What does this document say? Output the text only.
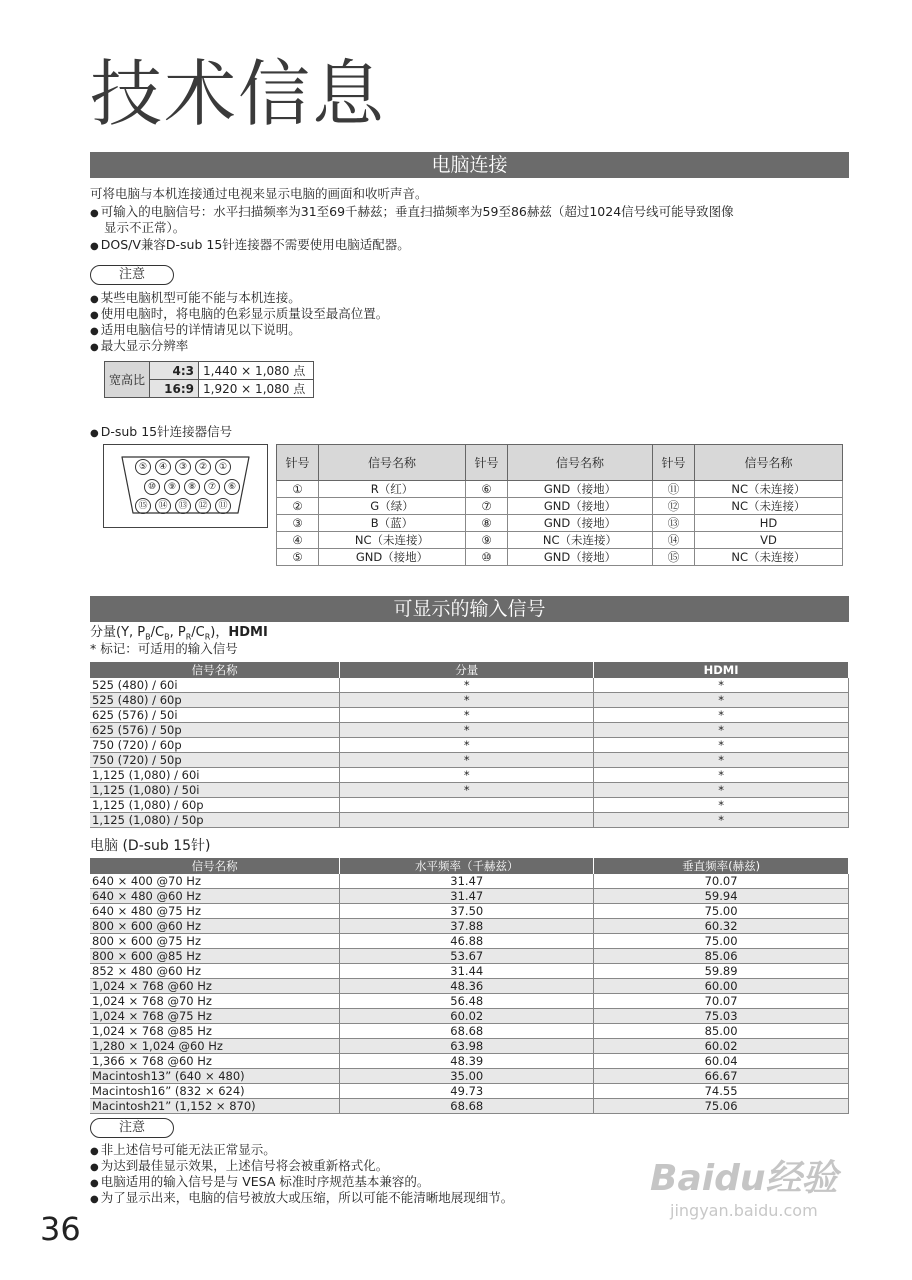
技术信息
电脑连接
可将电脑与本机连接通过电视来显示电脑的画面和收听声音。
● 可输入的电脑信号：水平扫描频率为31至69千赫兹；垂直扫描频率为59至86赫兹（超过1024信号线可能导致图像
显示不正常）。
● DOS/V兼容D-sub 15针连接器不需要使用电脑适配器。
注意
● 某些电脑机型可能不能与本机连接。
● 使用电脑时，将电脑的色彩显示质量设至最高位置。
● 适用电脑信号的详情请见以下说明。
● 最大显示分辨率
宽高比	4:3	1,440 × 1,080 点
	16:9	1,920 × 1,080 点
● D-sub 15针连接器信号
⑤	④	③	②	①
⑩	⑨	⑧	⑦	⑥
⑮	⑭	⑬	⑫	⑪
针号	信号名称	针号	信号名称	针号	信号名称
①	R（红）	⑥	GND（接地）	⑪	NC（未连接）
②	G（绿）	⑦	GND（接地）	⑫	NC（未连接）
③	B（蓝）	⑧	GND（接地）	⑬	HD
④	NC（未连接）	⑨	NC（未连接）	⑭	VD
⑤	GND（接地）	⑩	GND（接地）	⑮	NC（未连接）
可显示的输入信号
分量(Y, $P_B/C_B$, $P_R/C_R$)，HDMI
* 标记：可适用的输入信号
信号名称	分量	HDMI
525 (480) / 60i	*	*
525 (480) / 60p	*	*
625 (576) / 50i	*	*
625 (576) / 50p	*	*
750 (720) / 60p	*	*
750 (720) / 50p	*	*
1,125 (1,080) / 60i	*	*
1,125 (1,080) / 50i	*	*
1,125 (1,080) / 60p		*
1,125 (1,080) / 50p		*
电脑 (D-sub 15针)
信号名称	水平频率（千赫兹）	垂直频率(赫兹)
640 × 400 @70 Hz	31.47	70.07
640 × 480 @60 Hz	31.47	59.94
640 × 480 @75 Hz	37.50	75.00
800 × 600 @60 Hz	37.88	60.32
800 × 600 @75 Hz	46.88	75.00
800 × 600 @85 Hz	53.67	85.06
852 × 480 @60 Hz	31.44	59.89
1,024 × 768 @60 Hz	48.36	60.00
1,024 × 768 @70 Hz	56.48	70.07
1,024 × 768 @75 Hz	60.02	75.03
1,024 × 768 @85 Hz	68.68	85.00
1,280 × 1,024 @60 Hz	63.98	60.02
1,366 × 768 @60 Hz	48.39	60.04
Macintosh13” (640 × 480)	35.00	66.67
Macintosh16” (832 × 624)	49.73	74.55
Macintosh21” (1,152 × 870)	68.68	75.06
注意
● 非上述信号可能无法正常显示。
● 为达到最佳显示效果，上述信号将会被重新格式化。
● 电脑适用的输入信号是与 VESA 标准时序规范基本兼容的。
● 为了显示出来，电脑的信号被放大或压缩，所以可能不能清晰地展现细节。
36
Baidu经验
jingyan.baidu.com
